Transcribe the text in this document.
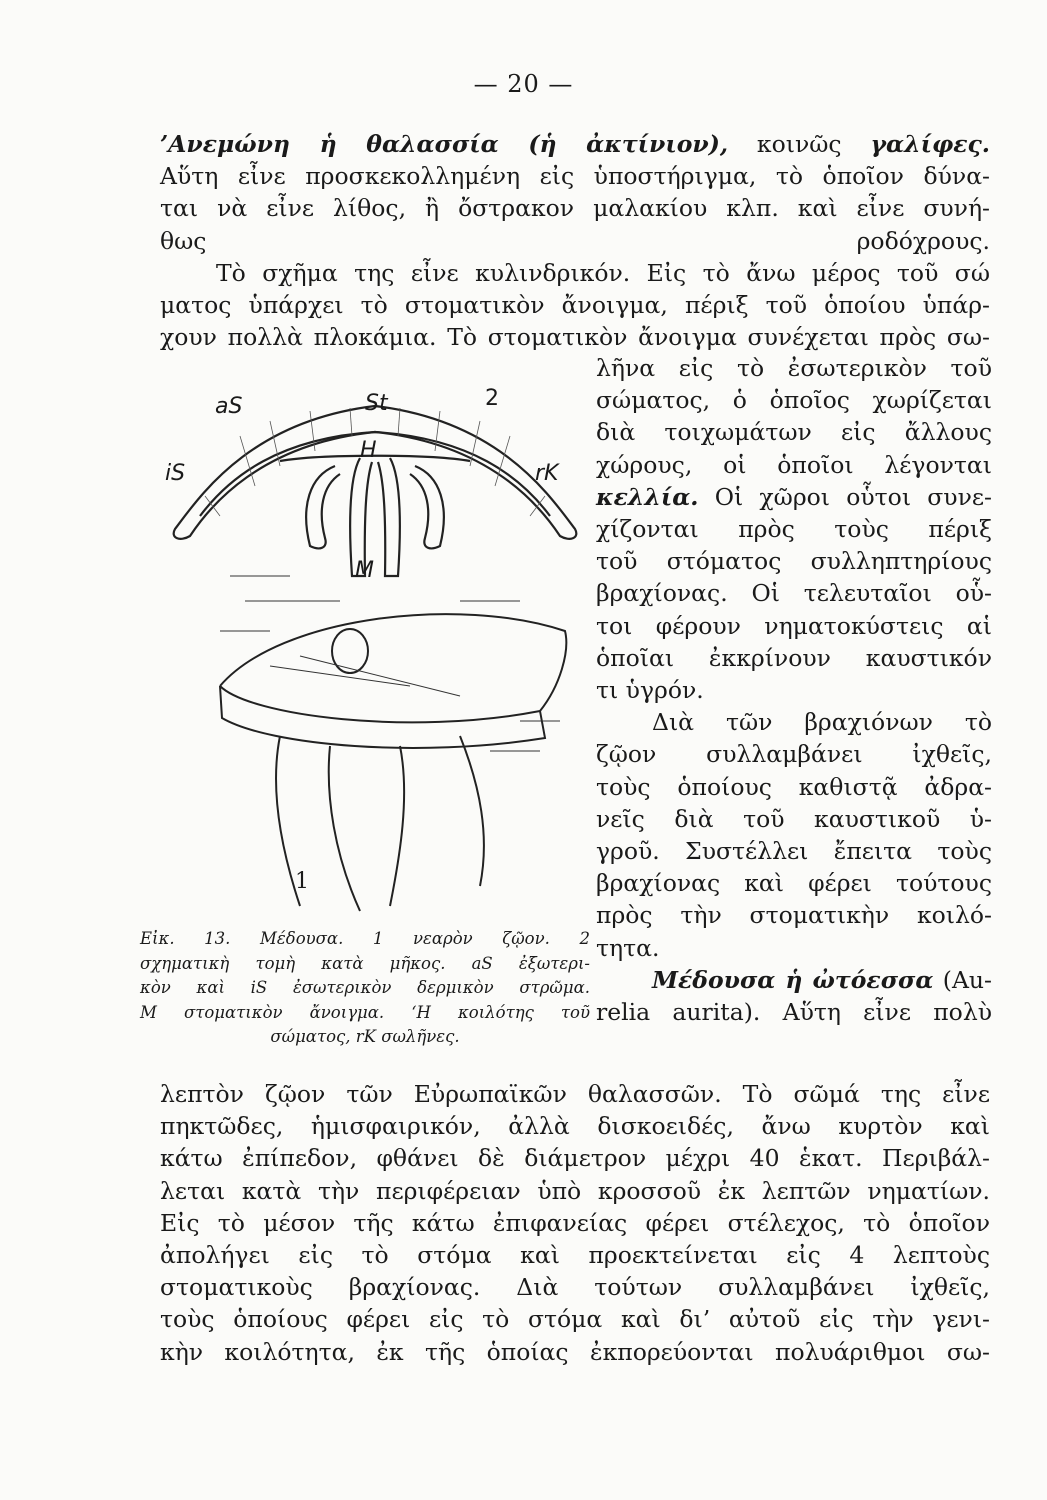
— 20 —
’Ανεμώνη ἡ θαλασσία (ἡ ἀκτίνιον), κοινῶς γαλίφες.
Αὕτη εἶνε προσκεκολλημένη εἰς ὑποστήριγμα, τὸ ὁποῖον δύνα-
ται νὰ εἶνε λίθος, ἢ ὄστρακον μαλακίου κλπ. καὶ εἶνε συνή-
θως ροδόχρους.
Τὸ σχῆμα της εἶνε κυλινδρικόν. Εἰς τὸ ἄνω μέρος τοῦ σώ
ματος ὑπάρχει τὸ στοματικὸν ἄνοιγμα, πέριξ τοῦ ὁποίου ὑπάρ-
χουν πολλὰ πλοκάμια. Τὸ στοματικὸν ἄνοιγμα συνέχεται πρὸς σω-
λῆνα εἰς τὸ ἐσωτερικὸν τοῦ
σώματος, ὁ ὁποῖος χωρίζεται
διὰ τοιχωμάτων εἰς ἄλλους
χώρους, οἱ ὁποῖοι λέγονται
κελλία. Οἱ χῶροι οὗτοι συνε-
χίζονται πρὸς τοὺς πέριξ
τοῦ στόματος συλληπτηρίους
βραχίονας. Οἱ τελευταῖοι οὗ-
τοι φέρουν νηματοκύστεις αἱ
ὁποῖαι ἐκκρίνουν καυστικόν
τι ὑγρόν.
Διὰ τῶν βραχιόνων τὸ
ζῷον συλλαμβάνει ἰχθεῖς,
τοὺς ὁποίους καθιστᾷ ἀδρα-
νεῖς διὰ τοῦ καυστικοῦ ὑ-
γροῦ. Συστέλλει ἔπειτα τοὺς
βραχίονας καὶ φέρει τούτους
πρὸς τὴν στοματικὴν κοιλό-
τητα.
Μέδουσα ἡ ὠτόεσσα (Au-
relia aurita). Αὕτη εἶνε πολὺ
aS	St	2
iS
H
rK
M
1
Εἰκ. 13. Μέδουσα. 1 νεαρὸν ζῷον. 2
σχηματικὴ τομὴ κατὰ μῆκος. aS ἐξωτερι-
κὸν καὶ iS ἐσωτερικὸν δερμικὸν στρῶμα.
M στοματικὸν ἄνοιγμα. ‘H κοιλότης τοῦ
σώματος, rK σωλῆνες.
λεπτὸν ζῷον τῶν Εὐρωπαϊκῶν θαλασσῶν. Τὸ σῶμά της εἶνε
πηκτῶδες, ἡμισφαιρικόν, ἀλλὰ δισκοειδές, ἄνω κυρτὸν καὶ
κάτω ἐπίπεδον, φθάνει δὲ διάμετρον μέχρι 40 ἑκατ. Περιβάλ-
λεται κατὰ τὴν περιφέρειαν ὑπὸ κροσσοῦ ἐκ λεπτῶν νηματίων.
Εἰς τὸ μέσον τῆς κάτω ἐπιφανείας φέρει στέλεχος, τὸ ὁποῖον
ἀπολήγει εἰς τὸ στόμα καὶ προεκτείνεται εἰς 4 λεπτοὺς
στοματικοὺς βραχίονας. Διὰ τούτων συλλαμβάνει ἰχθεῖς,
τοὺς ὁποίους φέρει εἰς τὸ στόμα καὶ δι’ αὐτοῦ εἰς τὴν γενι-
κὴν κοιλότητα, ἐκ τῆς ὁποίας ἐκπορεύονται πολυάριθμοι σω-
